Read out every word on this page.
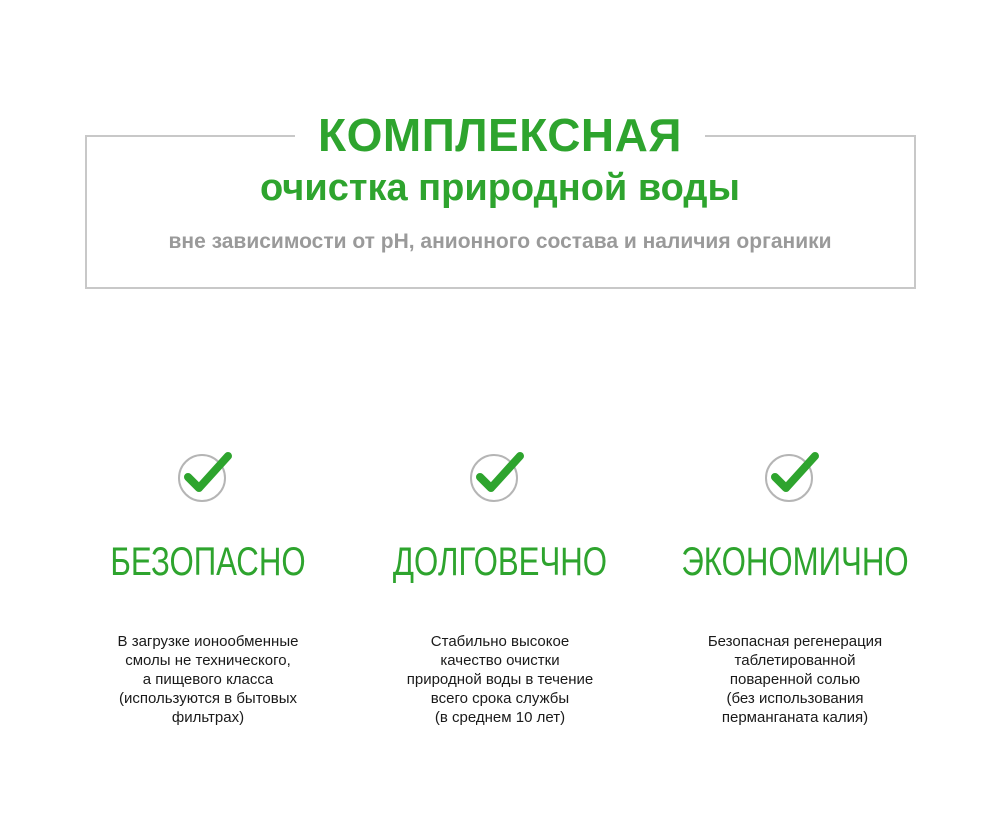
КОМПЛЕКСНАЯ
очистка природной воды
вне зависимости от рН, анионного состава и наличия органики
БЕЗОПАСНО
В загрузке ионообменные
смолы не технического,
а пищевого класса
(используются в бытовых
фильтрах)
ДОЛГОВЕЧНО
Стабильно высокое
качество очистки
природной воды в течение
всего срока службы
(в среднем 10 лет)
ЭКОНОМИЧНО
Безопасная регенерация
таблетированной
поваренной солью
(без использования
перманганата калия)
